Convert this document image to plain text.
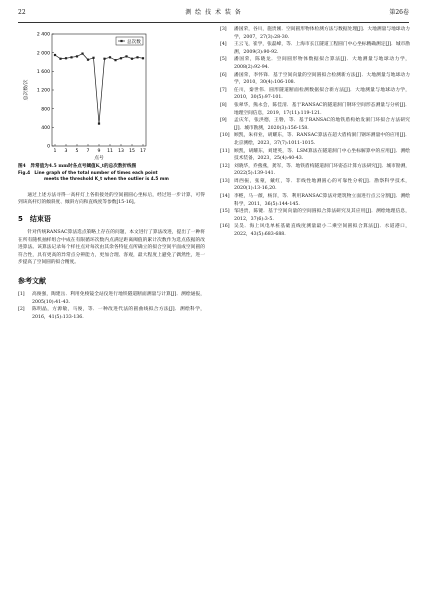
22	测 绘 技 术 装 备	第26卷
0
400
800
1 200
1 600
2 000
2 400
1 3 5 7 9 11 13 15 17
总次数/次
点号
总次数
图4　异常值为4.5 mm时各点号阈值K_t的总次数折线图
Fig.4　Line graph of the total number of times each point
meets the threshold K_t when the outlier is 4.5 mm

通过上述方法寻得一高杆灯上各衔接处的空间圆圆心坐标后，经过进一步计算，可得到该高杆灯的倾斜度、倾斜方向和直线度等参数[15-16]。

5　结束语

针对传统RANSAC算法选点策略上存在的问题，本文进行了算法改进，提出了一种将在所有随机抽样组合中成在有限循环次数内点满足距离阈值的累计次数作为选点依据的改进算法。该算法记录每个样往点对每次由其余各特征点所确立的拟合空间平面成空间圆的符合性，具有更高的异常点分辨能力，更加合理、客观，最大程度上避免了偶然性，进一步提高了空间圆的拟合精度。

参考文献
[1]	高俊强，陶建岳．利用免棱镜全站仪进行地铁隧道断面测量与计算[J]．测绘通报，2005(10):41-43.
[2]	陈明晶，方源敏，马俊，等．一种改进代法的圆曲线拟合方法[J]．测绘科学，2016，41(5):133-136.
[3]	潘国荣，谷川，施贵刚．空间圆形物体检测方法与数据处理[J]．大地测量与地球动力学，2007，27(3):28-30.
[4]	王云飞，崔学，张磊峰，等．上海市长江隧道工程圆门中心坐标精确测定[J]．城市勘测，2009(3):90-92.
[5]	潘国荣，陈晓龙．空间圆形物体数据拟合算法[J]．大地测量与地球动力学，2008(2):92-94.
[6]	潘国荣，李怀锋．基于空间向量的空间圆拟合检测新方法[J]．大地测量与地球动力学，2010，30(4):106-108.
[7]	任川，秦世伟．圆形隧道断面检测数据拟合新方法[J]．大地测量与地球动力学，2010，30(5):97-101.
[8]	张翠华，熊永会，陈佳清．基于RANSAC的隧道洞门钢环空间形态测量与分析[J]．地理空间信息，2019，17(11):119-121.
[9]	孟庆年，张洪德，王磐，等．基于RANSAC的地铁盾构始发洞门环拟合方法研究[J]．城市勘测，2020(3):156-158.
[10] 顾凯，朱祥业，胡耀东，等．RANSAC算法在超大盾构洞门钢环测量中的应用[J]．北京测绘，2023，37(7):1011-1015.
[11] 顾凯，胡耀东，刘建英，等．LSM算法在隧道洞门中心坐标解算中的应用[J]．测绘技术装备，2023，25(4):40-43.
[12] 刘晓华，乔燕燕，龚军，等．地铁盾构隧道洞门环姿态计算方法研究[J]．城市勘测，2022(5):139-141.
[13] 周西振，张蒙，戴红，等．非线性地测圆心的可靠性分析[J]．勘察科学技术，2020(1):13-16,20.
[14] 李輕，马一薇，杨洋，等．利用RANSAC算法对建筑物立面进行点云分割[J]．测绘科学，2011，36(5):144-145.
[15] 邹进贵，陈键．基于空间向量的空间圆拟合算法研究及其应用[J]．测绘地理信息，2012，37(6):3-5.
[16] 吴昊．海上风电单桩基础直线度测量最小二乘空间圆拟合算法[J]．水道港口，2022，43(5):683-688.
